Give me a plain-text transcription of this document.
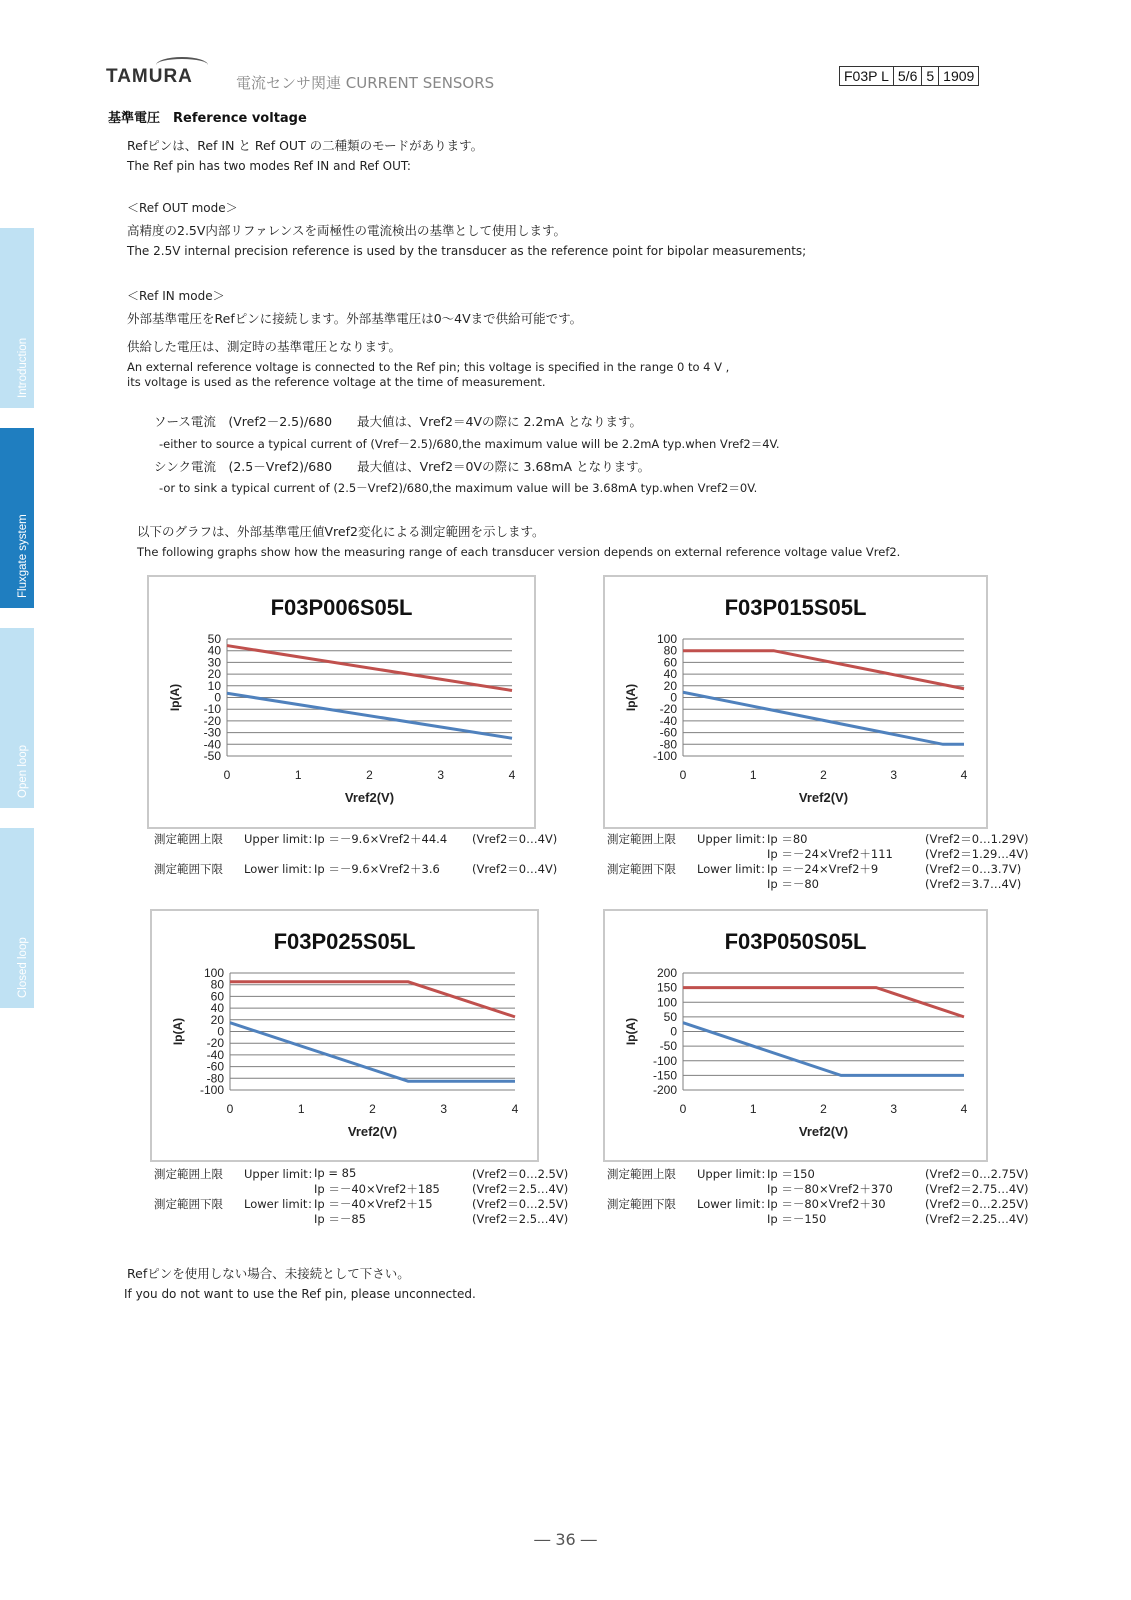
Introduction
Fluxgate system
Open loop
Closed loop
TAMURA	電流センサ関連 CURRENT SENSORS	F03P L 5/6 5 1909
基準電圧　Reference voltage
Refピンは、Ref IN と Ref OUT の二種類のモードがあります。
The Ref pin has two modes Ref IN and Ref OUT:
＜Ref OUT mode＞
高精度の2.5V内部リファレンスを両極性の電流検出の基準として使用します。
The 2.5V internal precision reference is used by the transducer as the reference point for bipolar measurements;
＜Ref IN mode＞
外部基準電圧をRefピンに接続します。外部基準電圧は0～4Vまで供給可能です。
供給した電圧は、測定時の基準電圧となります。
An external reference voltage is connected to the Ref pin; this voltage is specified in the range 0 to 4 V ,
its voltage is used as the reference voltage at the time of measurement.
ソース電流　(Vref2－2.5)/680　　最大値は、Vref2＝4Vの際に 2.2mA となります。
-either to source a typical current of (Vref－2.5)/680,the maximum value will be 2.2mA typ.when Vref2＝4V.
シンク電流　(2.5－Vref2)/680　　最大値は、Vref2＝0Vの際に 3.68mA となります。
-or to sink a typical current of (2.5－Vref2)/680,the maximum value will be 3.68mA typ.when Vref2＝0V.
以下のグラフは、外部基準電圧値Vref2変化による測定範囲を示します。
The following graphs show how the measuring range of each transducer version depends on external reference voltage value Vref2.
F03P006S05L
50
40
30
20
10
0
-10
-20
-30
-40
-50
0	1	2	3	4
Vref2(V)
Ip(A)
F03P015S05L
100
80
60
40
20
0
-20
-40
-60
-80
-100
0	1	2	3	4
Vref2(V)
Ip(A)
F03P025S05L
100
80
60
40
20
0
-20
-40
-60
-80
-100
0	1	2	3	4
Vref2(V)
Ip(A)
F03P050S05L
200
150
100
50
0
-50
-100
-150
-200
0	1	2	3	4
Vref2(V)
Ip(A)
測定範囲上限 Upper limit：
Ip ＝－9.6×Vref2＋44.4 (Vref2＝0…4V)
測定範囲下限 Lower limit：
Ip ＝－9.6×Vref2＋3.6	(Vref2＝0…4V)
測定範囲上限 Upper limit：
Ip ＝80	(Vref2＝0…1.29V)
Ip ＝－24×Vref2＋111	(Vref2＝1.29…4V)
測定範囲下限 Lower limit：
Ip ＝－24×Vref2＋9	(Vref2＝0…3.7V)
Ip ＝－80	(Vref2＝3.7…4V)
測定範囲上限 Upper limit：
Ip = 85	(Vref2＝0…2.5V)
Ip ＝－40×Vref2＋185	(Vref2＝2.5…4V)
測定範囲下限 Lower limit：
Ip ＝－40×Vref2＋15	(Vref2＝0…2.5V)
Ip ＝－85	(Vref2＝2.5…4V)
測定範囲上限 Upper limit：
Ip ＝150	(Vref2＝0…2.75V)
Ip ＝－80×Vref2＋370	(Vref2＝2.75…4V)
測定範囲下限 Lower limit：
Ip ＝－80×Vref2＋30	(Vref2＝0…2.25V)
Ip ＝－150	(Vref2＝2.25…4V)
Refピンを使用しない場合、未接続として下さい。
If you do not want to use the Ref pin, please unconnected.
― 36 ―
